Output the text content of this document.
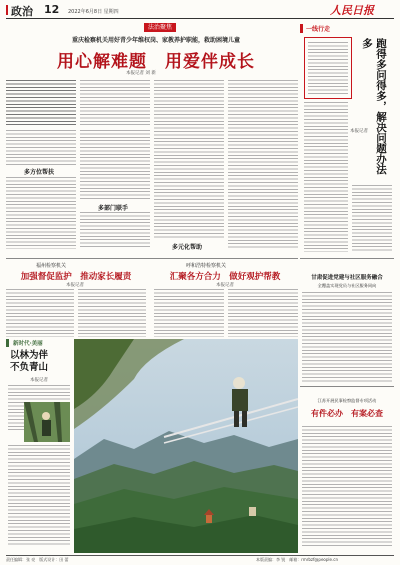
政治 12 2022年6月8日 星期四	人民日报
法治聚焦
重庆检察机关用好青少年维权岗、家教养护职能，救助困境儿童
用心解难题　用爱伴成长
本报记者 刘 新
多方位帮扶
多部门联手
多元化帮助
一线行走
跑得多问得多，解决问题办法多
本报记者
福州检察机关
加强督促监护　推动家长履责
本报记者
呼和浩特检察机关
汇聚各方合力　做好观护帮教
本报记者
甘肃促进党建与社区服务融合
全覆盖实现党员与社区服务同向
江苏开展民事检察监督专项活动
有件必办　有案必查
新时代·美丽
以林为伴
不负青山
本报记者
责任编辑：张 亮　版式设计：田 蕾	本版责编：李 锐　邮箱：rmrbzf@people.cn
